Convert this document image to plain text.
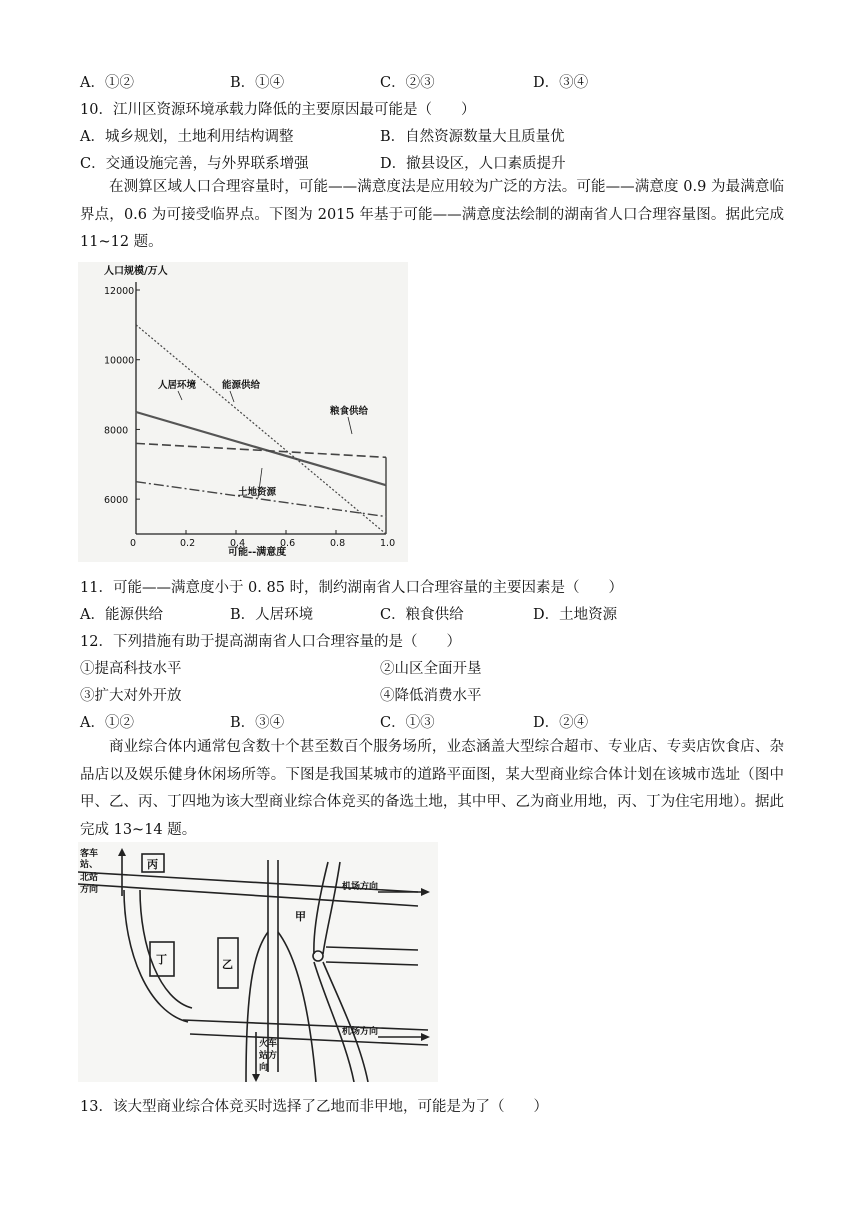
A．①②	B．①④	C．②③	D．③④
10．江川区资源环境承载力降低的主要原因最可能是（　　）
A．城乡规划，土地利用结构调整	B．自然资源数量大且质量优
C．交通设施完善，与外界联系增强	D．撤县设区，人口素质提升
在测算区域人口合理容量时，可能——满意度法是应用较为广泛的方法。可能——满意度 0.9 为最满意临界点，0.6 为可接受临界点。下图为 2015 年基于可能——满意度法绘制的湖南省人口合理容量图。据此完成 11~12 题。
人口规模/万人
可能--满意度
0	0.2	0.4	0.6	0.8	1.0
6000
8000
10000
12000
人居环境	能源供给
粮食供给
土地资源
11．可能——满意度小于 0. 85 时，制约湖南省人口合理容量的主要因素是（　　）
A．能源供给	B．人居环境	C．粮食供给	D．土地资源
12．下列措施有助于提高湖南省人口合理容量的是（　　）
①提高科技水平	②山区全面开垦
③扩大对外开放	④降低消费水平
A．①②	B．③④	C．①③	D．②④
商业综合体内通常包含数十个甚至数百个服务场所，业态涵盖大型综合超市、专业店、专卖店饮食店、杂品店以及娱乐健身休闲场所等。下图是我国某城市的道路平面图，某大型商业综合体计划在该城市选址（图中甲、乙、丙、丁四地为该大型商业综合体竞买的备选土地，其中甲、乙为商业用地，丙、丁为住宅用地）。据此完成 13~14 题。
客车
站、
北站
方向	机场方向
机场方向
火车
站方
向
甲
乙
丙
丁
13．该大型商业综合体竞买时选择了乙地而非甲地，可能是为了（　　）
